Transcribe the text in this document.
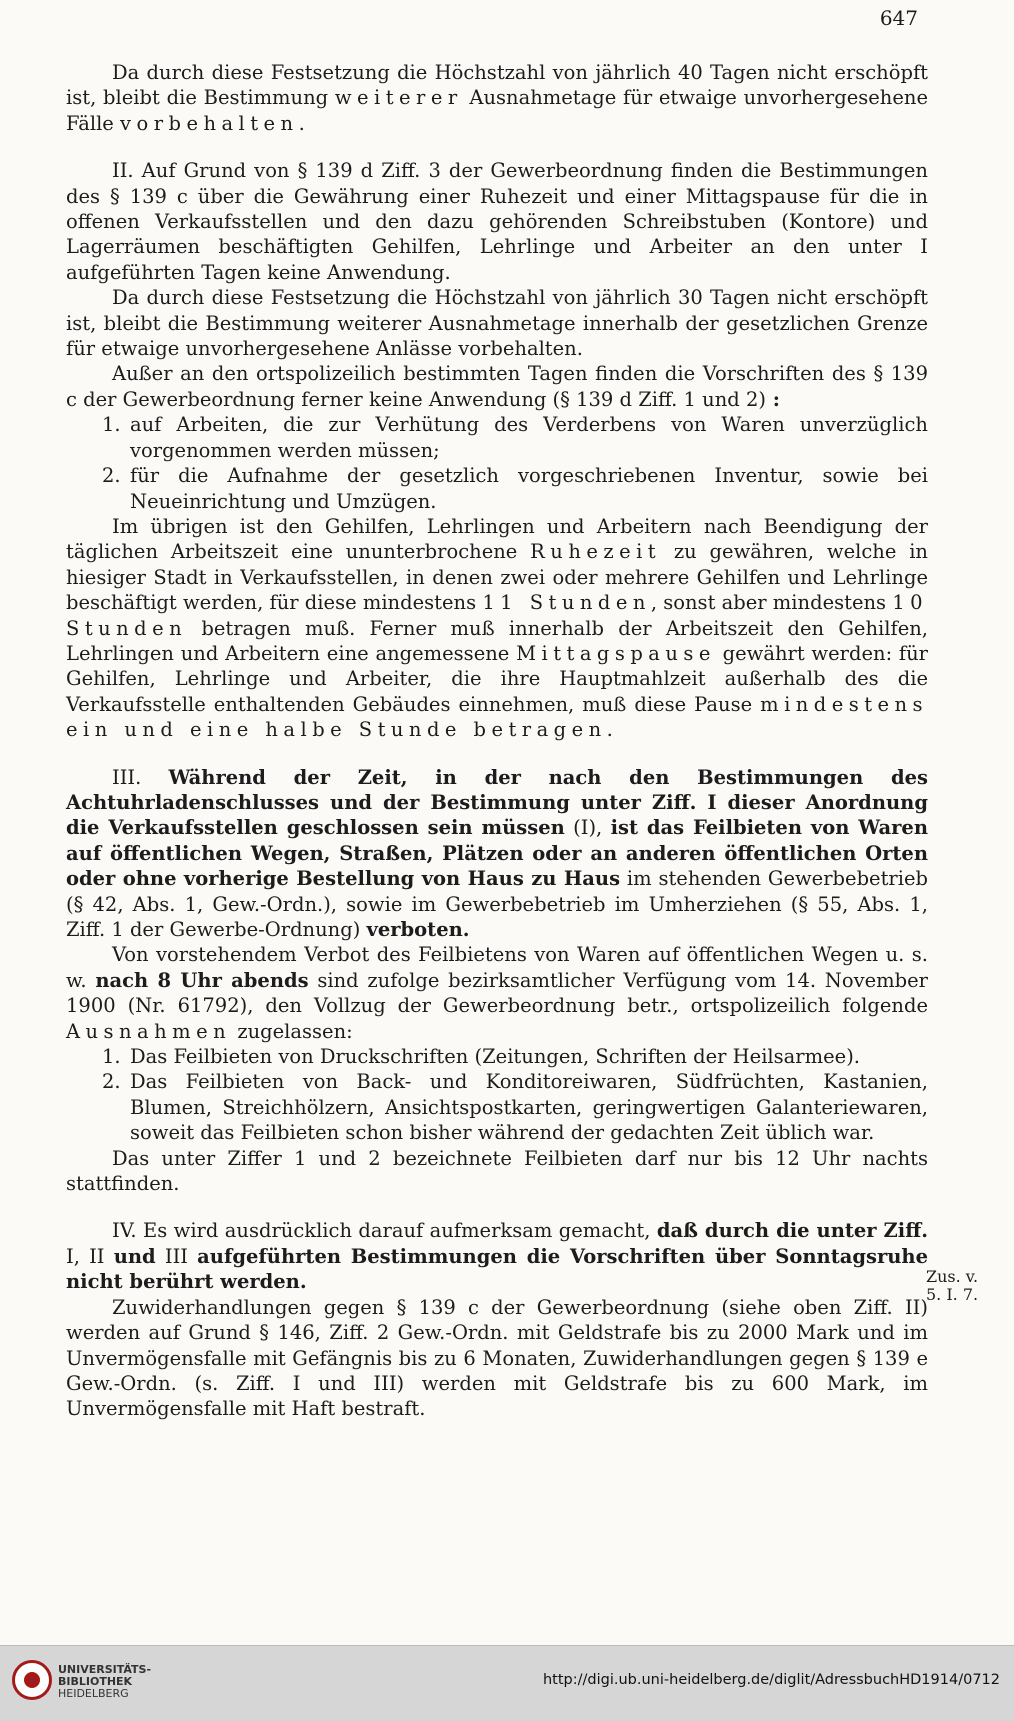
647

Da durch diese Festsetzung die Höchstzahl von jährlich 40 Tagen nicht erschöpft ist, bleibt die Bestimmung weiterer Ausnahmetage für etwaige unvorhergesehene Fälle vorbehalten.

II. Auf Grund von § 139 d Ziff. 3 der Gewerbeordnung finden die Bestimmungen des § 139 c über die Gewährung einer Ruhezeit und einer Mittagspause für die in offenen Verkaufsstellen und den dazu gehörenden Schreibstuben (Kontore) und Lagerräumen beschäftigten Gehilfen, Lehrlinge und Arbeiter an den unter I aufgeführten Tagen keine Anwendung.

Da durch diese Festsetzung die Höchstzahl von jährlich 30 Tagen nicht erschöpft ist, bleibt die Bestimmung weiterer Ausnahmetage innerhalb der gesetzlichen Grenze für etwaige unvorhergesehene Anlässe vorbehalten.

Außer an den ortspolizeilich bestimmten Tagen finden die Vorschriften des § 139 c der Gewerbeordnung ferner keine Anwendung (§ 139 d Ziff. 1 und 2) :

1. auf Arbeiten, die zur Verhütung des Verderbens von Waren unverzüglich vorgenommen werden müssen;
2. für die Aufnahme der gesetzlich vorgeschriebenen Inventur, sowie bei Neueinrichtung und Umzügen.

Im übrigen ist den Gehilfen, Lehrlingen und Arbeitern nach Beendigung der täglichen Arbeitszeit eine ununterbrochene Ruhezeit zu gewähren, welche in hiesiger Stadt in Verkaufsstellen, in denen zwei oder mehrere Gehilfen und Lehrlinge beschäftigt werden, für diese mindestens 11 Stunden, sonst aber mindestens 10 Stunden betragen muß. Ferner muß innerhalb der Arbeitszeit den Gehilfen, Lehrlingen und Arbeitern eine angemessene Mittagspause gewährt werden: für Gehilfen, Lehrlinge und Arbeiter, die ihre Hauptmahlzeit außerhalb des die Verkaufsstelle enthaltenden Gebäudes einnehmen, muß diese Pause mindestens ein und eine halbe Stunde betragen.

III. Während der Zeit, in der nach den Bestimmungen des Achtuhrladenschlusses und der Bestimmung unter Ziff. I dieser Anordnung die Verkaufsstellen geschlossen sein müssen (I), ist das Feilbieten von Waren auf öffentlichen Wegen, Straßen, Plätzen oder an anderen öffentlichen Orten oder ohne vorherige Bestellung von Haus zu Haus im stehenden Gewerbebetrieb (§ 42, Abs. 1, Gew.-Ordn.), sowie im Gewerbebetrieb im Umherziehen (§ 55, Abs. 1, Ziff. 1 der Gewerbe-Ordnung) verboten.

Von vorstehendem Verbot des Feilbietens von Waren auf öffentlichen Wegen u. s. w. nach 8 Uhr abends sind zufolge bezirksamtlicher Verfügung vom 14. November 1900 (Nr. 61792), den Vollzug der Gewerbeordnung betr., ortspolizeilich folgende Ausnahmen zugelassen:

1. Das Feilbieten von Druckschriften (Zeitungen, Schriften der Heilsarmee).
2. Das Feilbieten von Back- und Konditoreiwaren, Südfrüchten, Kastanien, Blumen, Streichhölzern, Ansichtspostkarten, geringwertigen Galanteriewaren, soweit das Feilbieten schon bisher während der gedachten Zeit üblich war.

Das unter Ziffer 1 und 2 bezeichnete Feilbieten darf nur bis 12 Uhr nachts stattfinden.

IV. Es wird ausdrücklich darauf aufmerksam gemacht, daß durch die unter Ziff. I, II und III aufgeführten Bestimmungen die Vorschriften über Sonntagsruhe nicht berührt werden.

Zuwiderhandlungen gegen § 139 c der Gewerbeordnung (siehe oben Ziff. II) werden auf Grund § 146, Ziff. 2 Gew.-Ordn. mit Geldstrafe bis zu 2000 Mark und im Unvermögensfalle mit Gefängnis bis zu 6 Monaten, Zuwiderhandlungen gegen § 139 e Gew.-Ordn. (s. Ziff. I und III) werden mit Geldstrafe bis zu 600 Mark, im Unvermögensfalle mit Haft bestraft.

Zus. v.
5. I. 7.
UNIVERSITÄTS-
BIBLIOTHEK
HEIDELBERG
http://digi.ub.uni-heidelberg.de/diglit/AdressbuchHD1914/0712
